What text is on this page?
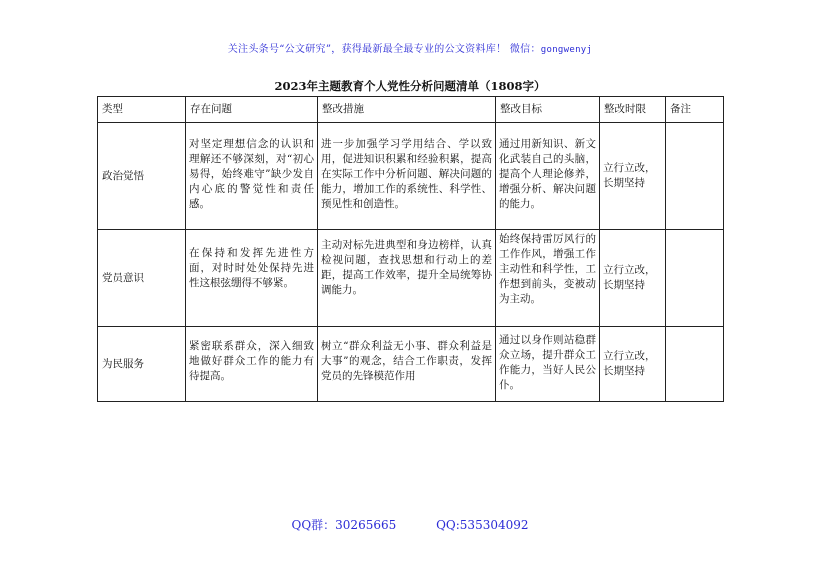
关注头条号“公文研究”，获得最新最全最专业的公文资料库！ 微信：gongwenyj
2023年主题教育个人党性分析问题清单（1808字）
类型	存在问题	整改措施	整改目标	整改时限	备注
政治觉悟	对坚定理想信念的认识和理解还不够深刻，对“初心易得，始终难守”缺少发自内心底的警觉性和责任感。	进一步加强学习学用结合、学以致用，促进知识积累和经验积累，提高在实际工作中分析问题、解决问题的能力，增加工作的系统性、科学性、预见性和创造性。	通过用新知识、新文化武装自己的头脑，提高个人理论修养，增强分析、解决问题的能力。	立行立改，长期坚持	
党员意识	在保持和发挥先进性方面，对时时处处保持先进性这根弦绷得不够紧。	主动对标先进典型和身边榜样，认真检视问题，查找思想和行动上的差距，提高工作效率，提升全局统筹协调能力。	始终保持雷厉风行的工作作风，增强工作主动性和科学性，工作想到前头，变被动为主动。	立行立改，长期坚持	
为民服务	紧密联系群众，深入细致地做好群众工作的能力有待提高。	树立“群众利益无小事、群众利益是大事”的观念，结合工作职责，发挥党员的先锋模范作用	通过以身作则站稳群众立场，提升群众工作能力，当好人民公仆。	立行立改，长期坚持	
QQ群：30265665	QQ:535304092
